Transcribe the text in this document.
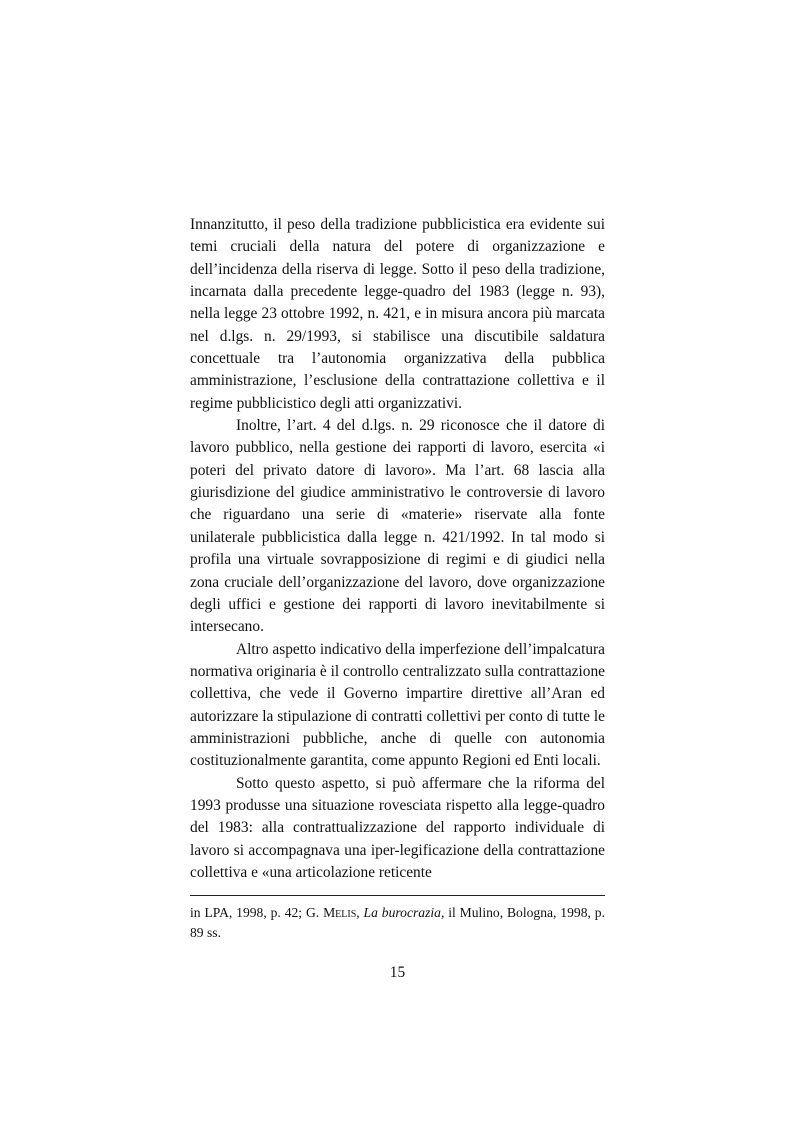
Innanzitutto, il peso della tradizione pubblicistica era evidente sui temi cruciali della natura del potere di organizzazione e dell’incidenza della riserva di legge. Sotto il peso della tradizione, incarnata dalla precedente legge-quadro del 1983 (legge n. 93), nella legge 23 ottobre 1992, n. 421, e in misura ancora più marcata nel d.lgs. n. 29/1993, si stabilisce una discutibile saldatura concettuale tra l’autonomia organizzativa della pubblica amministrazione, l’esclusione della contrattazione collettiva e il regime pubblicistico degli atti organizzativi.

Inoltre, l’art. 4 del d.lgs. n. 29 riconosce che il datore di lavoro pubblico, nella gestione dei rapporti di lavoro, esercita «i poteri del privato datore di lavoro». Ma l’art. 68 lascia alla giurisdizione del giudice amministrativo le controversie di lavoro che riguardano una serie di «materie» riservate alla fonte unilaterale pubblicistica dalla legge n. 421/1992. In tal modo si profila una virtuale sovrapposizione di regimi e di giudici nella zona cruciale dell’organizzazione del lavoro, dove organizzazione degli uffici e gestione dei rapporti di lavoro inevitabilmente si intersecano.

Altro aspetto indicativo della imperfezione dell’impalcatura normativa originaria è il controllo centralizzato sulla contrattazione collettiva, che vede il Governo impartire direttive all’Aran ed autorizzare la stipulazione di contratti collettivi per conto di tutte le amministrazioni pubbliche, anche di quelle con autonomia costituzionalmente garantita, come appunto Regioni ed Enti locali.

Sotto questo aspetto, si può affermare che la riforma del 1993 produsse una situazione rovesciata rispetto alla legge-quadro del 1983: alla contrattualizzazione del rapporto individuale di lavoro si accompagnava una iper-legificazione della contrattazione collettiva e «una articolazione reticente

in LPA, 1998, p. 42; G. Melis, La burocrazia, il Mulino, Bologna, 1998, p. 89 ss.

15
